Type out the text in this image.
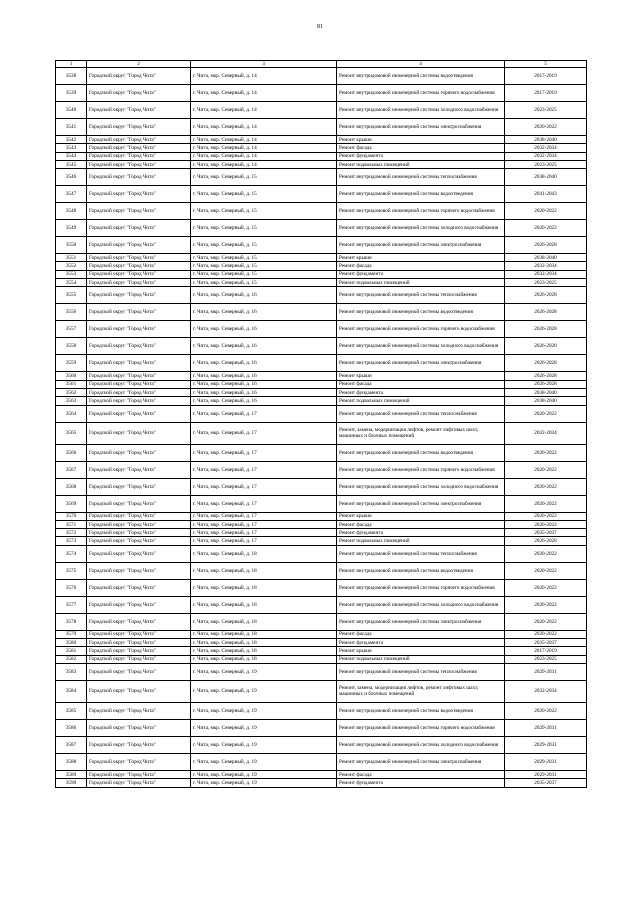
81
1	2	3	4	5
3538	Городской округ "Город Чита"	г. Чита, мкр. Северный, д. 14	Ремонт внутридомовой инженерной системы водоотведения	2017-2019
3539	Городской округ "Город Чита"	г. Чита, мкр. Северный, д. 14	Ремонт внутридомовой инженерной системы горячего водоснабжения	2017-2019
3540	Городской округ "Город Чита"	г. Чита, мкр. Северный, д. 14	Ремонт внутридомовой инженерной системы холодного водоснабжения	2023-2025
3541	Городской округ "Город Чита"	г. Чита, мкр. Северный, д. 14	Ремонт внутридомовой инженерной системы электроснабжения	2020-2022
3542	Городской округ "Город Чита"	г. Чита, мкр. Северный, д. 14	Ремонт крыши	2038-2040
3543	Городской округ "Город Чита"	г. Чита, мкр. Северный, д. 14	Ремонт фасада	2032-2034
3544	Городской округ "Город Чита"	г. Чита, мкр. Северный, д. 14	Ремонт фундамента	2032-2034
3545	Городской округ "Город Чита"	г. Чита, мкр. Северный, д. 14	Ремонт подвальных помещений	2023-2025
3546	Городской округ "Город Чита"	г. Чита, мкр. Северный, д. 15	Ремонт внутридомовой инженерной системы теплоснабжения	2038-2040
3547	Городской округ "Город Чита"	г. Чита, мкр. Северный, д. 15	Ремонт внутридомовой инженерной системы водоотведения	2041-2043
3548	Городской округ "Город Чита"	г. Чита, мкр. Северный, д. 15	Ремонт внутридомовой инженерной системы горячего водоснабжения	2020-2022
3549	Городской округ "Город Чита"	г. Чита, мкр. Северный, д. 15	Ремонт внутридомовой инженерной системы холодного водоснабжения	2020-2022
3550	Городской округ "Город Чита"	г. Чита, мкр. Северный, д. 15	Ремонт внутридомовой инженерной системы электроснабжения	2026-2028
3551	Городской округ "Город Чита"	г. Чита, мкр. Северный, д. 15	Ремонт крыши	2038-2040
3552	Городской округ "Город Чита"	г. Чита, мкр. Северный, д. 15	Ремонт фасада	2032-2034
3553	Городской округ "Город Чита"	г. Чита, мкр. Северный, д. 15	Ремонт фундамента	2032-2034
3554	Городской округ "Город Чита"	г. Чита, мкр. Северный, д. 15	Ремонт подвальных помещений	2023-2025
3555	Городской округ "Город Чита"	г. Чита, мкр. Северный, д. 16	Ремонт внутридомовой инженерной системы теплоснабжения	2026-2028
3556	Городской округ "Город Чита"	г. Чита, мкр. Северный, д. 16	Ремонт внутридомовой инженерной системы водоотведения	2026-2028
3557	Городской округ "Город Чита"	г. Чита, мкр. Северный, д. 16	Ремонт внутридомовой инженерной системы горячего водоснабжения	2026-2028
3558	Городской округ "Город Чита"	г. Чита, мкр. Северный, д. 16	Ремонт внутридомовой инженерной системы холодного водоснабжения	2026-2028
3559	Городской округ "Город Чита"	г. Чита, мкр. Северный, д. 16	Ремонт внутридомовой инженерной системы электроснабжения	2026-2028
3560	Городской округ "Город Чита"	г. Чита, мкр. Северный, д. 16	Ремонт крыши	2026-2028
3561	Городской округ "Город Чита"	г. Чита, мкр. Северный, д. 16	Ремонт фасада	2026-2028
3562	Городской округ "Город Чита"	г. Чита, мкр. Северный, д. 16	Ремонт фундамента	2038-2040
3563	Городской округ "Город Чита"	г. Чита, мкр. Северный, д. 16	Ремонт подвальных помещений	2038-2040
3564	Городской округ "Город Чита"	г. Чита, мкр. Северный, д. 17	Ремонт внутридомовой инженерной системы теплоснабжения	2020-2022
3565	Городской округ "Город Чита"	г. Чита, мкр. Северный, д. 17	Ремонт, замена, модернизация лифтов, ремонт лифтовых шахт, машинных и блочных помещений	2032-2034
3566	Городской округ "Город Чита"	г. Чита, мкр. Северный, д. 17	Ремонт внутридомовой инженерной системы водоотведения	2020-2022
3567	Городской округ "Город Чита"	г. Чита, мкр. Северный, д. 17	Ремонт внутридомовой инженерной системы горячего водоснабжения	2020-2022
3568	Городской округ "Город Чита"	г. Чита, мкр. Северный, д. 17	Ремонт внутридомовой инженерной системы холодного водоснабжения	2020-2022
3569	Городской округ "Город Чита"	г. Чита, мкр. Северный, д. 17	Ремонт внутридомовой инженерной системы электроснабжения	2020-2022
3570	Городской округ "Город Чита"	г. Чита, мкр. Северный, д. 17	Ремонт крыши	2020-2022
3571	Городской округ "Город Чита"	г. Чита, мкр. Северный, д. 17	Ремонт фасада	2020-2022
3572	Городской округ "Город Чита"	г. Чита, мкр. Северный, д. 17	Ремонт фундамента	2035-2037
3573	Городской округ "Город Чита"	г. Чита, мкр. Северный, д. 17	Ремонт подвальных помещений	2026-2028
3574	Городской округ "Город Чита"	г. Чита, мкр. Северный, д. 18	Ремонт внутридомовой инженерной системы теплоснабжения	2020-2022
3575	Городской округ "Город Чита"	г. Чита, мкр. Северный, д. 18	Ремонт внутридомовой инженерной системы водоотведения	2020-2022
3576	Городской округ "Город Чита"	г. Чита, мкр. Северный, д. 18	Ремонт внутридомовой инженерной системы горячего водоснабжения	2020-2022
3577	Городской округ "Город Чита"	г. Чита, мкр. Северный, д. 18	Ремонт внутридомовой инженерной системы холодного водоснабжения	2020-2022
3578	Городской округ "Город Чита"	г. Чита, мкр. Северный, д. 18	Ремонт внутридомовой инженерной системы электроснабжения	2020-2022
3579	Городской округ "Город Чита"	г. Чита, мкр. Северный, д. 18	Ремонт фасада	2020-2022
3580	Городской округ "Город Чита"	г. Чита, мкр. Северный, д. 18	Ремонт фундамента	2035-2037
3581	Городской округ "Город Чита"	г. Чита, мкр. Северный, д. 18	Ремонт крыши	2017-2019
3582	Городской округ "Город Чита"	г. Чита, мкр. Северный, д. 18	Ремонт подвальных помещений	2023-2025
3583	Городской округ "Город Чита"	г. Чита, мкр. Северный, д. 19	Ремонт внутридомовой инженерной системы теплоснабжения	2029-2031
3584	Городской округ "Город Чита"	г. Чита, мкр. Северный, д. 19	Ремонт, замена, модернизация лифтов, ремонт лифтовых шахт, машинных и блочных помещений	2032-2034
3585	Городской округ "Город Чита"	г. Чита, мкр. Северный, д. 19	Ремонт внутридомовой инженерной системы водоотведения	2020-2022
3586	Городской округ "Город Чита"	г. Чита, мкр. Северный, д. 19	Ремонт внутридомовой инженерной системы горячего водоснабжения	2029-2031
3587	Городской округ "Город Чита"	г. Чита, мкр. Северный, д. 19	Ремонт внутридомовой инженерной системы холодного водоснабжения	2029-2031
3588	Городской округ "Город Чита"	г. Чита, мкр. Северный, д. 19	Ремонт внутридомовой инженерной системы электроснабжения	2029-2031
3589	Городской округ "Город Чита"	г. Чита, мкр. Северный, д. 19	Ремонт фасада	2029-2031
3590	Городской округ "Город Чита"	г. Чита, мкр. Северный, д. 19	Ремонт фундамента	2035-2037
